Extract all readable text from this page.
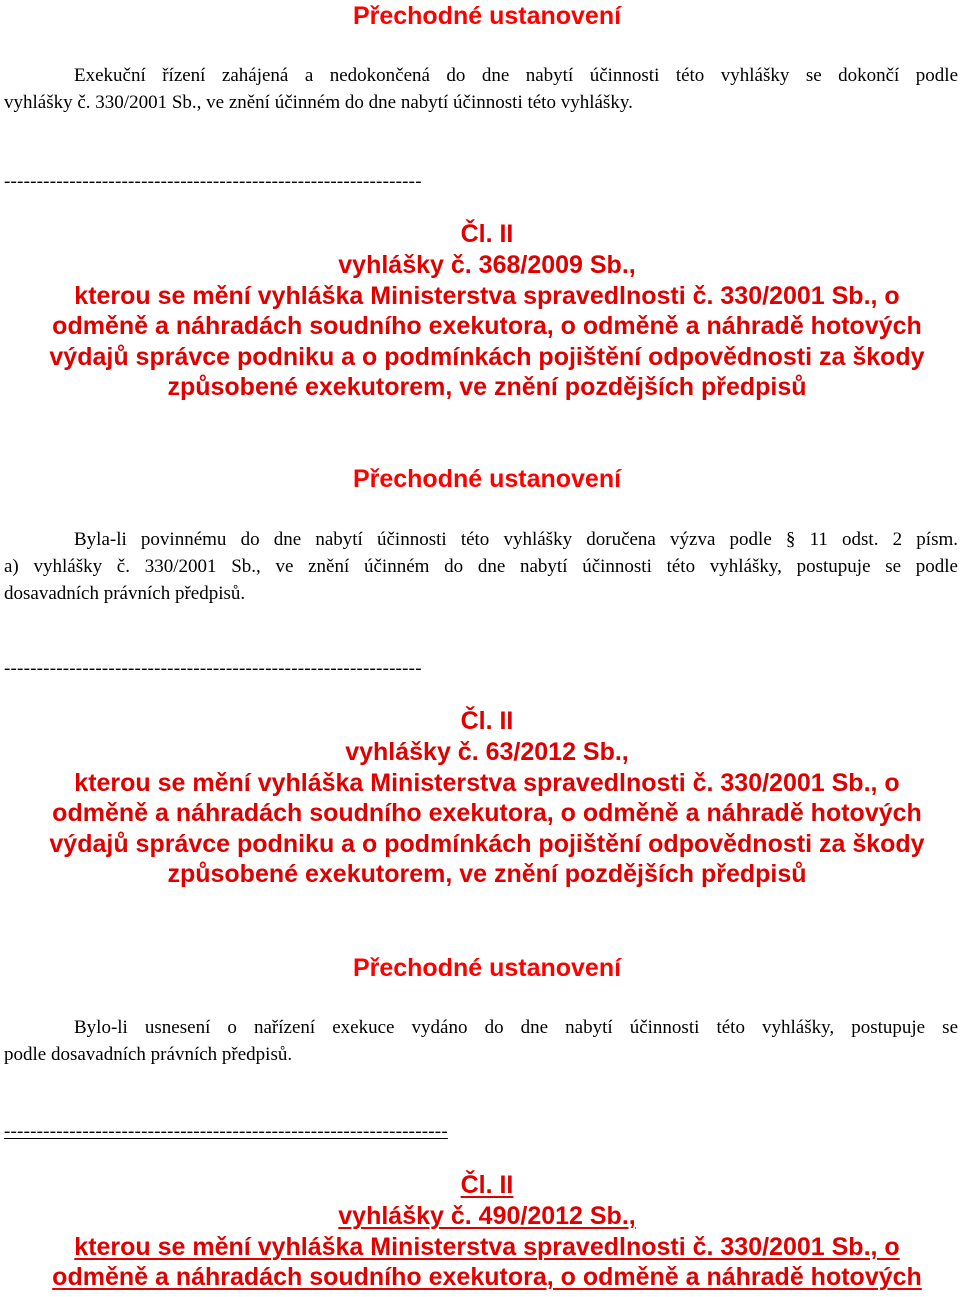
Přechodné ustanovení
Exekuční řízení zahájená a nedokončená do dne nabytí účinnosti této vyhlášky se dokončí podle
vyhlášky č. 330/2001 Sb., ve znění účinném do dne nabytí účinnosti této vyhlášky.
----------------------------------------------------------------
Čl. II
vyhlášky č. 368/2009 Sb.,
kterou se mění vyhláška Ministerstva spravedlnosti č. 330/2001 Sb., o
odměně a náhradách soudního exekutora, o odměně a náhradě hotových
výdajů správce podniku a o podmínkách pojištění odpovědnosti za škody
způsobené exekutorem, ve znění pozdějších předpisů
Přechodné ustanovení
Byla-li povinnému do dne nabytí účinnosti této vyhlášky doručena výzva podle § 11 odst. 2 písm.
a) vyhlášky č. 330/2001 Sb., ve znění účinném do dne nabytí účinnosti této vyhlášky, postupuje se podle
dosavadních právních předpisů.
----------------------------------------------------------------
Čl. II
vyhlášky č. 63/2012 Sb.,
kterou se mění vyhláška Ministerstva spravedlnosti č. 330/2001 Sb., o
odměně a náhradách soudního exekutora, o odměně a náhradě hotových
výdajů správce podniku a o podmínkách pojištění odpovědnosti za škody
způsobené exekutorem, ve znění pozdějších předpisů
Přechodné ustanovení
Bylo-li usnesení o nařízení exekuce vydáno do dne nabytí účinnosti této vyhlášky, postupuje se
podle dosavadních právních předpisů.
--------------------------------------------------------------------
Čl. II
vyhlášky č. 490/2012 Sb.,
kterou se mění vyhláška Ministerstva spravedlnosti č. 330/2001 Sb., o
odměně a náhradách soudního exekutora, o odměně a náhradě hotových
